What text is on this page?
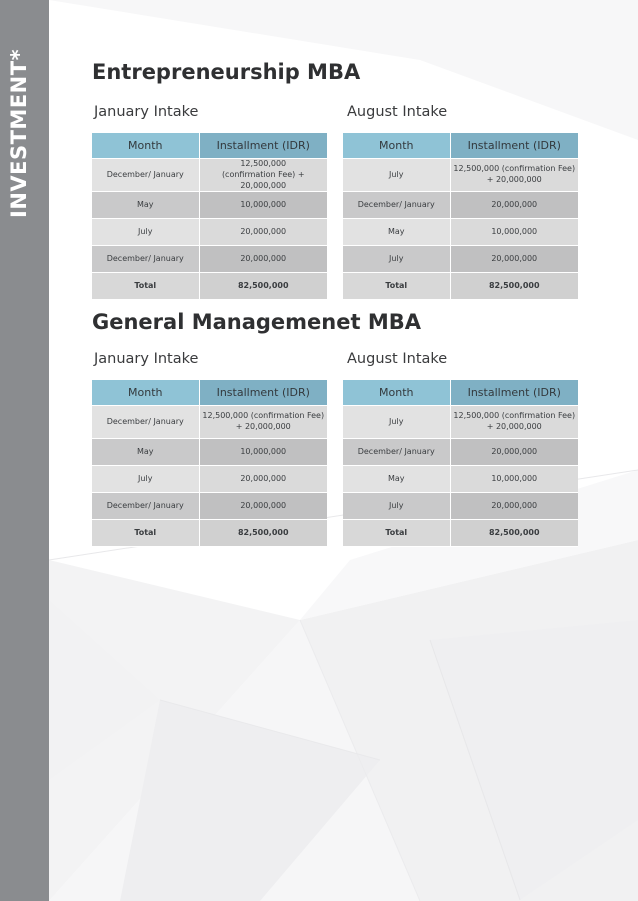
INVESTMENT*	Entrepreneurship MBA
January Intake
Month	Installment (IDR)
December/ January	12,500,000
(confirmation Fee) + 20,000,000

May	10,000,000
July	20,000,000
December/ January	20,000,000
Total	82,500,000
August Intake
Month	Installment (IDR)
July	12,500,000 (confirmation Fee)
+ 20,000,000

December/ January	20,000,000
May	10,000,000
July	20,000,000
Total	82,500,000
General Managemenet MBA
January Intake
Month	Installment (IDR)
December/ January	12,500,000 (confirmation Fee)
+ 20,000,000

May	10,000,000
July	20,000,000
December/ January	20,000,000
Total	82,500,000
August Intake
Month	Installment (IDR)
July	12,500,000 (confirmation Fee)
+ 20,000,000

December/ January	20,000,000
May	10,000,000
July	20,000,000
Total	82,500,000
